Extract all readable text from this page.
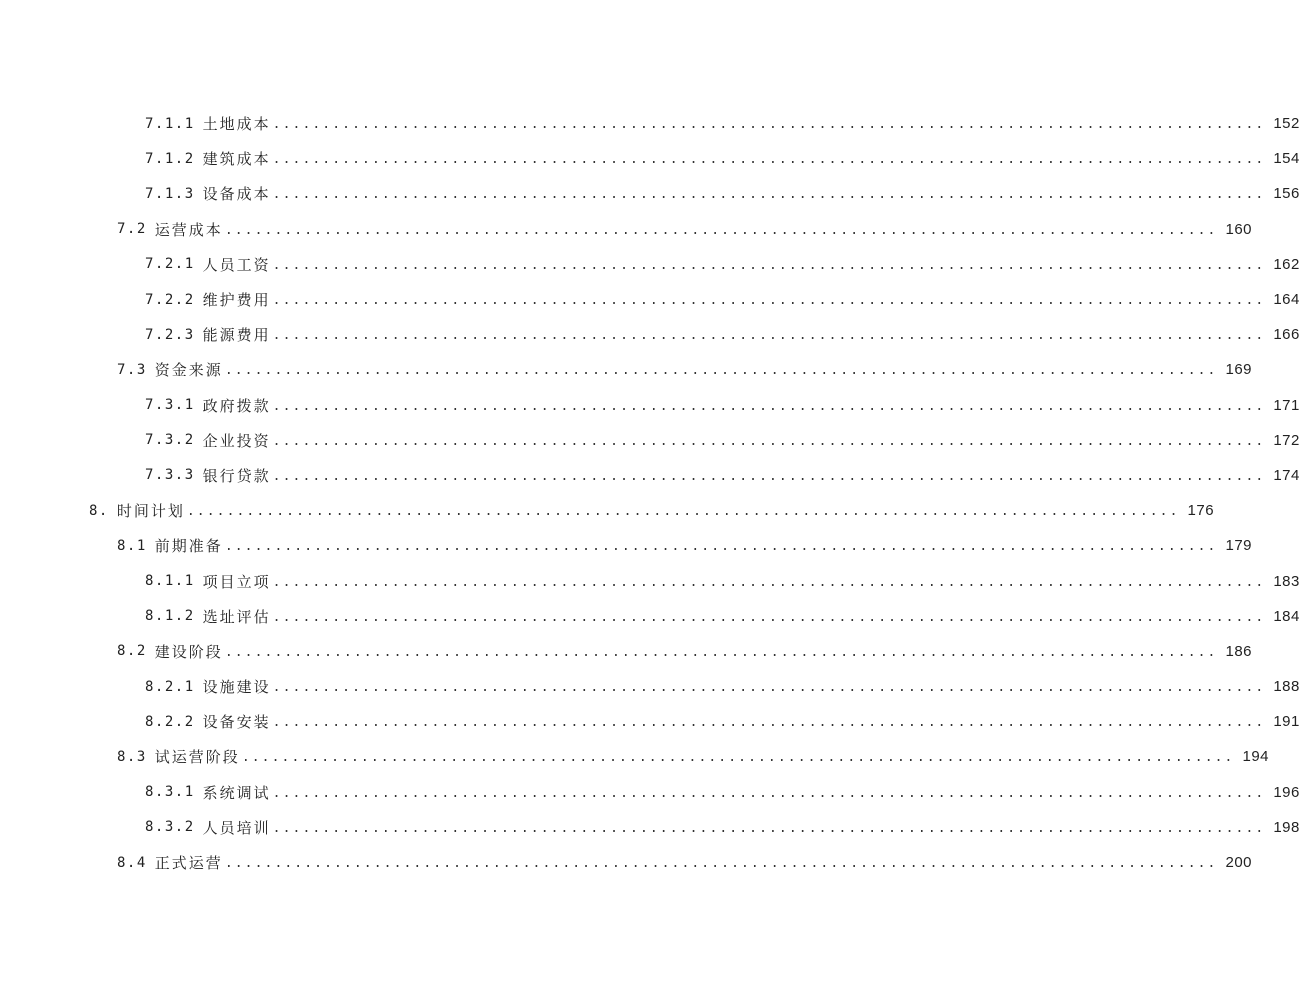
7.1.1 土地成本 .................................................................................................... 152
7.1.2 建筑成本 .................................................................................................... 154
7.1.3 设备成本 .................................................................................................... 156
7.2 运营成本 .................................................................................................... 160
7.2.1 人员工资 .................................................................................................... 162
7.2.2 维护费用 .................................................................................................... 164
7.2.3 能源费用 .................................................................................................... 166
7.3 资金来源 .................................................................................................... 169
7.3.1 政府拨款 .................................................................................................... 171
7.3.2 企业投资 .................................................................................................... 172
7.3.3 银行贷款 .................................................................................................... 174
8. 时间计划 .................................................................................................... 176
8.1 前期准备 .................................................................................................... 179
8.1.1 项目立项 .................................................................................................... 183
8.1.2 选址评估 .................................................................................................... 184
8.2 建设阶段 .................................................................................................... 186
8.2.1 设施建设 .................................................................................................... 188
8.2.2 设备安装 .................................................................................................... 191
8.3 试运营阶段 .................................................................................................... 194
8.3.1 系统调试 .................................................................................................... 196
8.3.2 人员培训 .................................................................................................... 198
8.4 正式运营 .................................................................................................... 200
